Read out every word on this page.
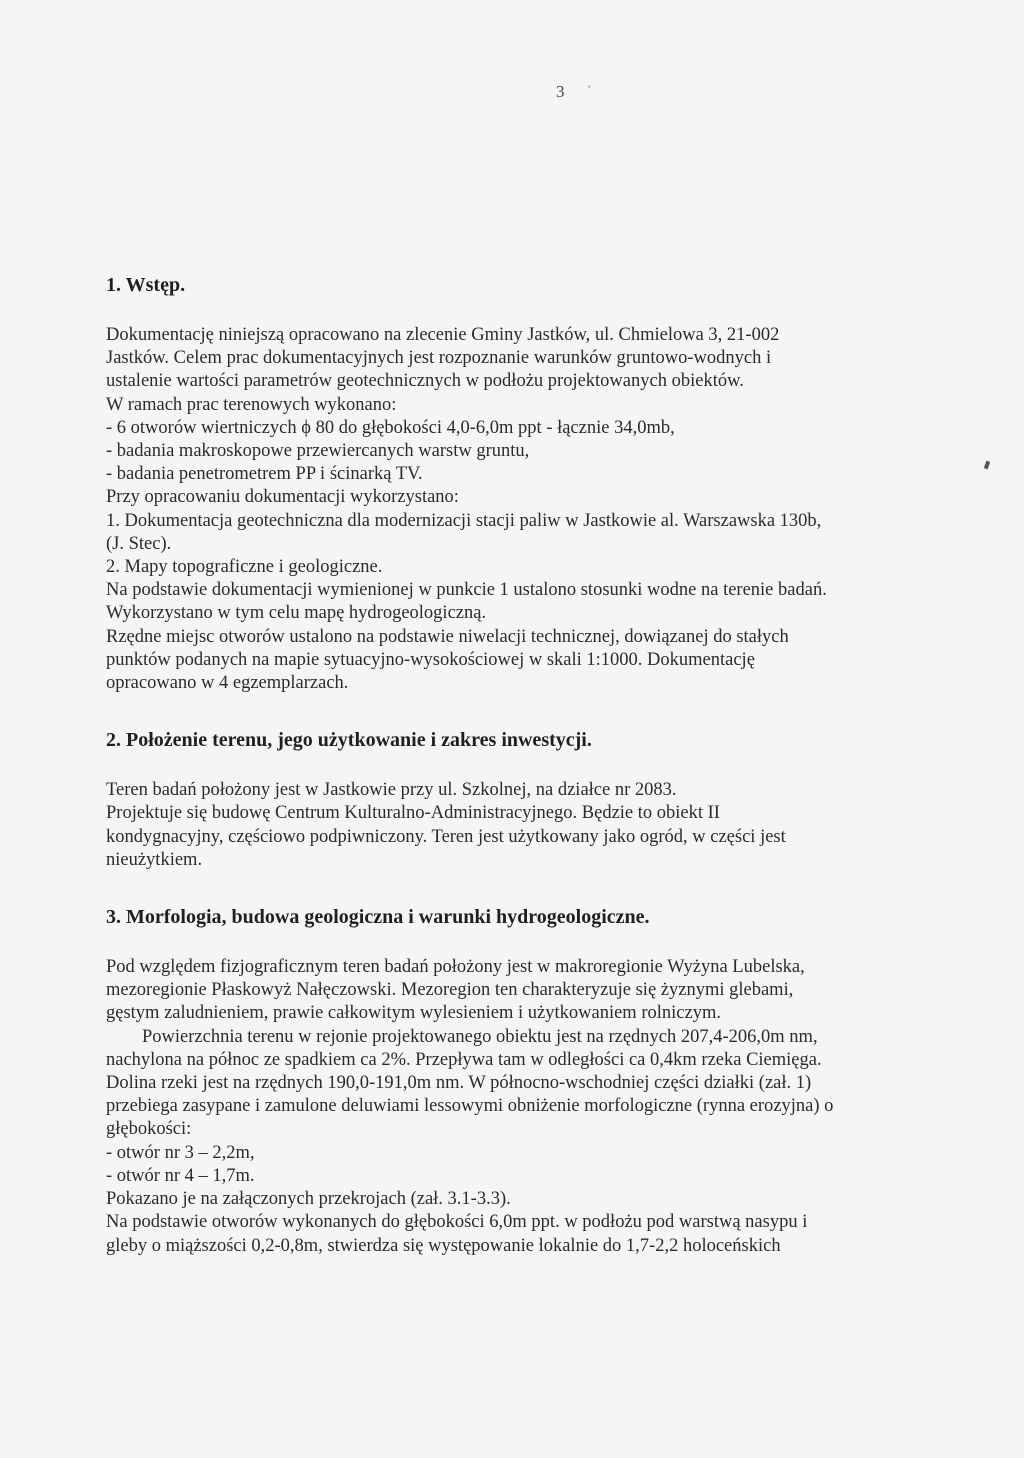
3 '
1. Wstęp.

Dokumentację niniejszą opracowano na zlecenie Gminy Jastków, ul. Chmielowa 3, 21-002

Jastków. Celem prac dokumentacyjnych jest rozpoznanie warunków gruntowo-wodnych i

ustalenie wartości parametrów geotechnicznych w podłożu projektowanych obiektów.

W ramach prac terenowych wykonano:

- 6 otworów wiertniczych ϕ 80 do głębokości 4,0-6,0m ppt - łącznie 34,0mb,

- badania makroskopowe przewiercanych warstw gruntu,

- badania penetrometrem PP i ścinarką TV.

Przy opracowaniu dokumentacji wykorzystano:

1. Dokumentacja geotechniczna dla modernizacji stacji paliw w Jastkowie al. Warszawska 130b,

(J. Stec).

2. Mapy topograficzne i geologiczne.

Na podstawie dokumentacji wymienionej w punkcie 1 ustalono stosunki wodne na terenie badań.

Wykorzystano w tym celu mapę hydrogeologiczną.

Rzędne miejsc otworów ustalono na podstawie niwelacji technicznej, dowiązanej do stałych

punktów podanych na mapie sytuacyjno-wysokościowej w skali 1:1000. Dokumentację

opracowano w 4 egzemplarzach.

2. Położenie terenu, jego użytkowanie i zakres inwestycji.

Teren badań położony jest w Jastkowie przy ul. Szkolnej, na działce nr 2083.

Projektuje się budowę Centrum Kulturalno-Administracyjnego. Będzie to obiekt II

kondygnacyjny, częściowo podpiwniczony. Teren jest użytkowany jako ogród, w części jest

nieużytkiem.

3. Morfologia, budowa geologiczna i warunki hydrogeologiczne.

Pod względem fizjograficznym teren badań położony jest w makroregionie Wyżyna Lubelska,

mezoregionie Płaskowyż Nałęczowski. Mezoregion ten charakteryzuje się żyznymi glebami,

gęstym zaludnieniem, prawie całkowitym wylesieniem i użytkowaniem rolniczym.

Powierzchnia terenu w rejonie projektowanego obiektu jest na rzędnych 207,4-206,0m nm,

nachylona na północ ze spadkiem ca 2%. Przepływa tam w odległości ca 0,4km rzeka Ciemięga.

Dolina rzeki jest na rzędnych 190,0-191,0m nm. W północno-wschodniej części działki (zał. 1)

przebiega zasypane i zamulone deluwiami lessowymi obniżenie morfologiczne (rynna erozyjna) o

głębokości:

- otwór nr 3 – 2,2m,

- otwór nr 4 – 1,7m.

Pokazano je na załączonych przekrojach (zał. 3.1-3.3).

Na podstawie otworów wykonanych do głębokości 6,0m ppt. w podłożu pod warstwą nasypu i

gleby o miąższości 0,2-0,8m, stwierdza się występowanie lokalnie do 1,7-2,2 holoceńskich
